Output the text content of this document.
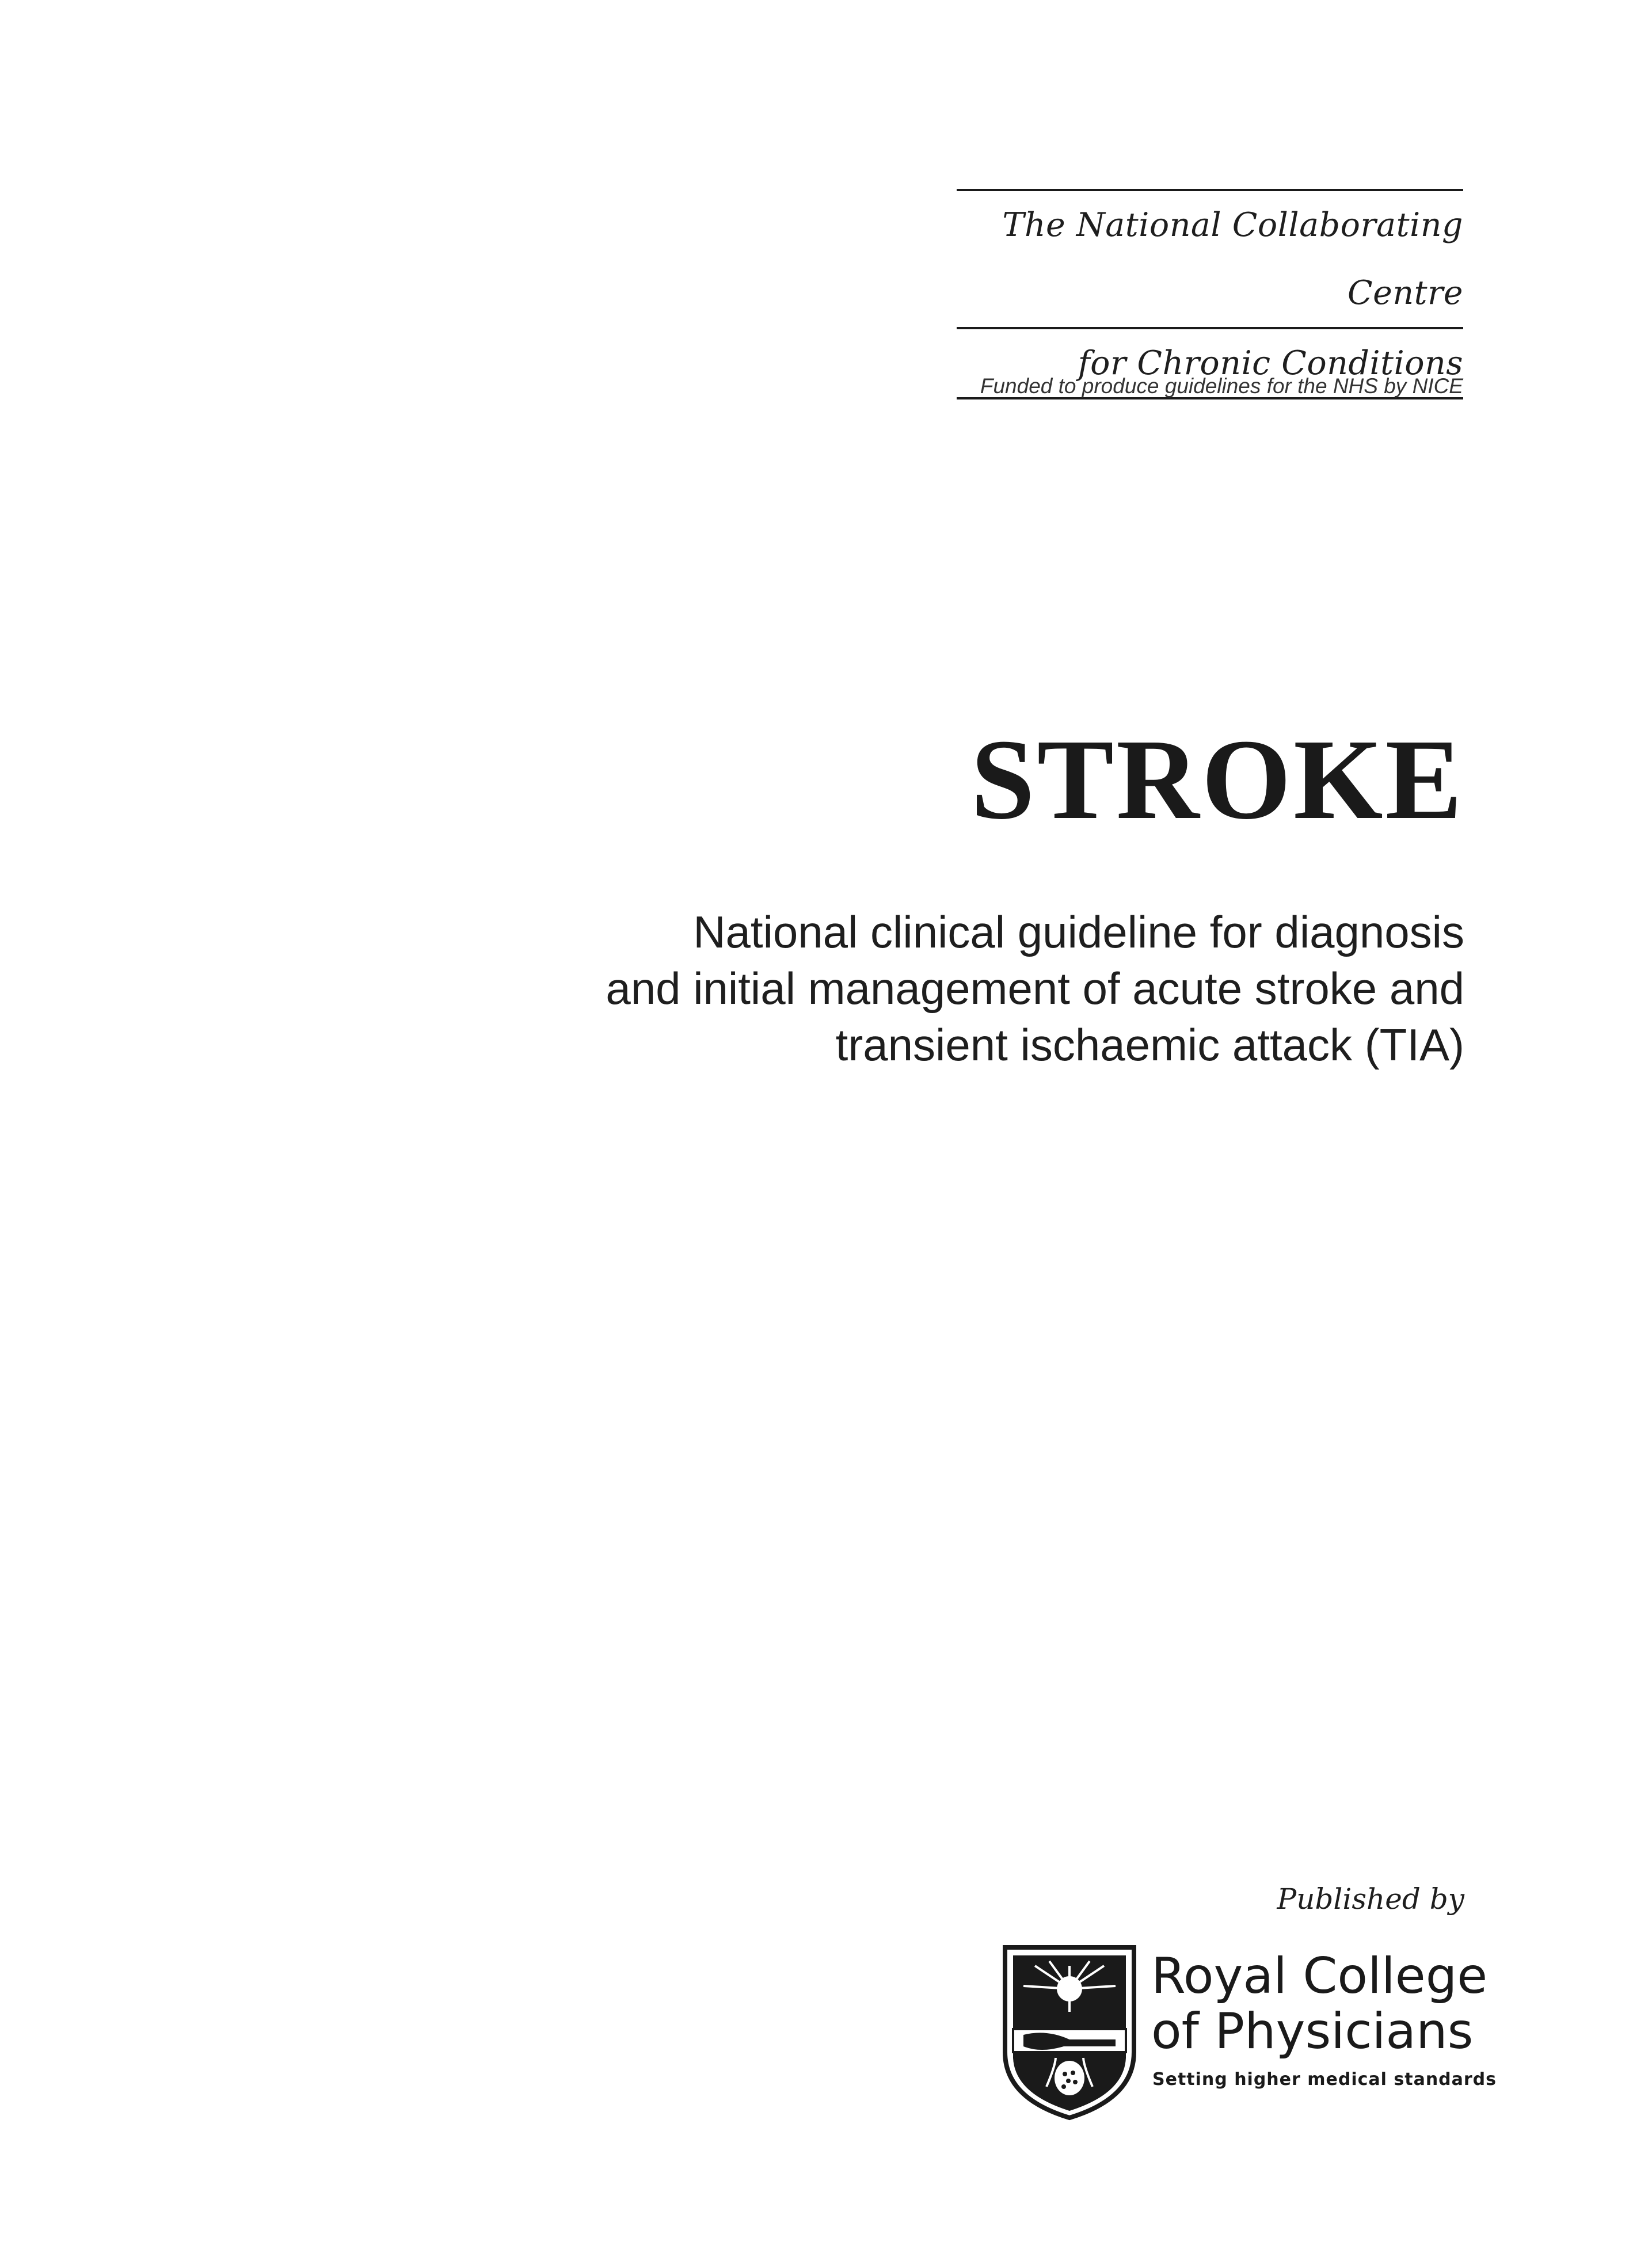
The National Collaborating Centre
for Chronic Conditions
Funded to produce guidelines for the NHS by NICE
STROKE
National clinical guideline for diagnosis
and initial management of acute stroke and
transient ischaemic attack (TIA)
Published by
Royal College
of Physicians
Setting higher medical standards
